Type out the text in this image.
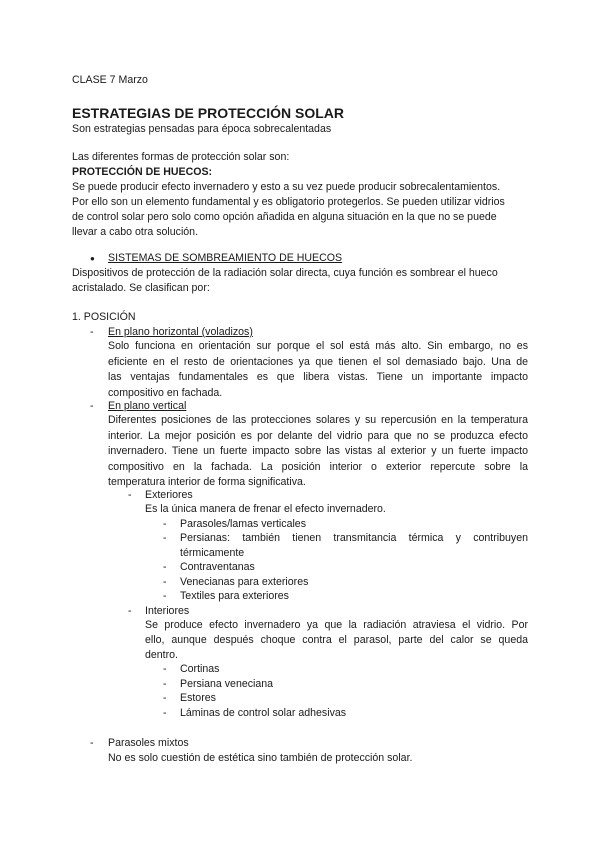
CLASE 7 Marzo
ESTRATEGIAS DE PROTECCIÓN SOLAR
Son estrategias pensadas para época sobrecalentadas
Las diferentes formas de protección solar son:
PROTECCIÓN DE HUECOS:
Se puede producir efecto invernadero y esto a su vez puede producir sobrecalentamientos.
Por ello son un elemento fundamental y es obligatorio protegerlos. Se pueden utilizar vidrios
de control solar pero solo como opción añadida en alguna situación en la que no se puede
llevar a cabo otra solución.
● SISTEMAS DE SOMBREAMIENTO DE HUECOS
Dispositivos de protección de la radiación solar directa, cuya función es sombrear el hueco
acristalado. Se clasifican por:
1. POSICIÓN
- En plano horizontal (voladizos)
Solo funciona en orientación sur porque el sol está más alto. Sin embargo, no es
eficiente en el resto de orientaciones ya que tienen el sol demasiado bajo. Una de
las ventajas fundamentales es que libera vistas. Tiene un importante impacto
compositivo en fachada.
- En plano vertical
Diferentes posiciones de las protecciones solares y su repercusión en la temperatura
interior. La mejor posición es por delante del vidrio para que no se produzca efecto
invernadero. Tiene un fuerte impacto sobre las vistas al exterior y un fuerte impacto
compositivo en la fachada. La posición interior o exterior repercute sobre la
temperatura interior de forma significativa.
- Exteriores
Es la única manera de frenar el efecto invernadero.
- Parasoles/lamas verticales
- Persianas: también tienen transmitancia térmica y contribuyen
térmicamente
- Contraventanas
- Venecianas para exteriores
- Textiles para exteriores
- Interiores
Se produce efecto invernadero ya que la radiación atraviesa el vidrio. Por
ello, aunque después choque contra el parasol, parte del calor se queda
dentro.
- Cortinas
- Persiana veneciana
- Estores
- Láminas de control solar adhesivas
- Parasoles mixtos
No es solo cuestión de estética sino también de protección solar.
